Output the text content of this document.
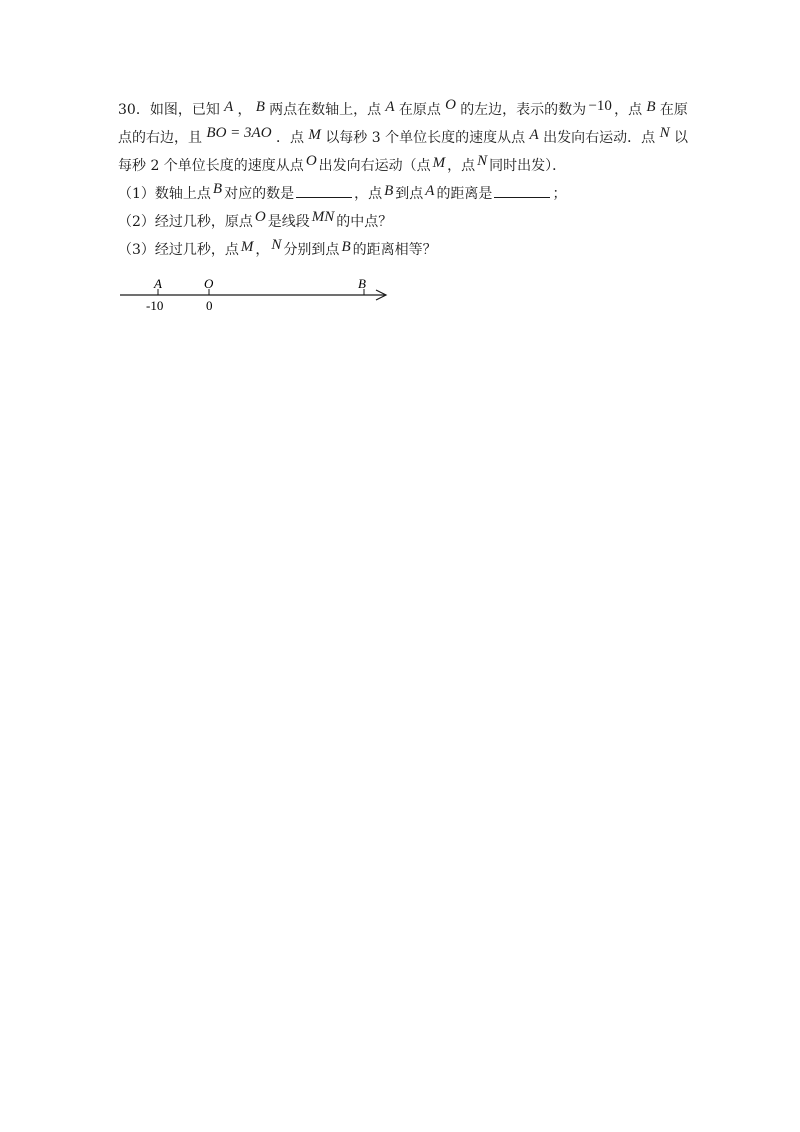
30．如图，已知 A ， B 两点在数轴上，点 A 在原点 O 的左边，表示的数为 −10 ，点 B 在原
点的右边，且 BO = 3AO ．点 M 以每秒 3 个单位长度的速度从点 A 出发向右运动．点 N 以
每秒 2 个单位长度的速度从点 O 出发向右运动（点 M ，点 N 同时出发）．
（1）数轴上点 B 对应的数是	，点 B 到点 A 的距离是	；
（2）经过几秒，原点 O 是线段 MN 的中点？
（3）经过几秒，点 M ， N 分别到点 B 的距离相等？
A
-10
O
0
B
